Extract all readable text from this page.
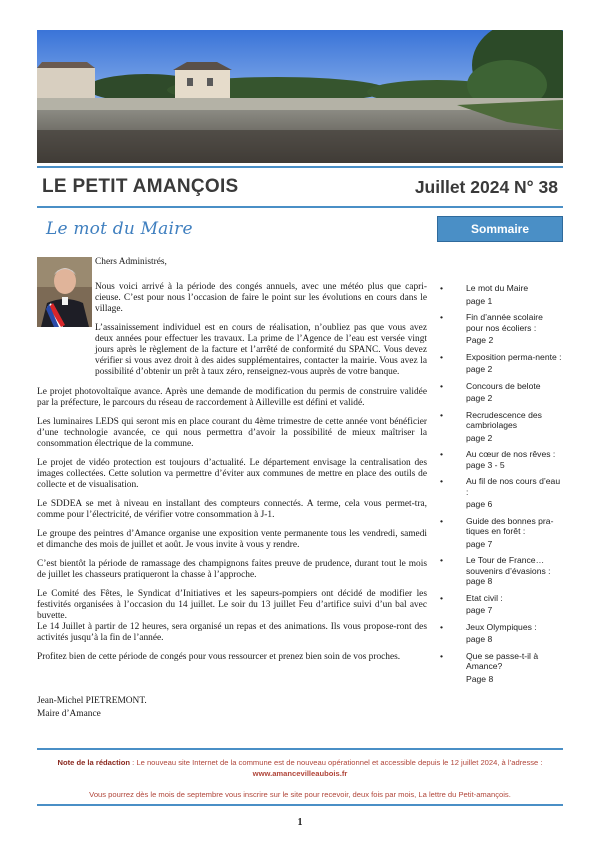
LE PETIT AMANÇOIS	Juillet 2024 N° 38
Le mot du Maire	Sommaire

Chers Administrés,

Nous voici arrivé à la période des congés annuels, avec une météo plus que capri-cieuse. C’est pour nous l’occasion de faire le point sur les évolutions en cours dans le village.

L’assainissement individuel est en cours de réalisation, n’oubliez pas que vous avez deux années pour effectuer les travaux. La prime de l’Agence de l’eau est versée vingt jours après le règlement de la facture et l’arrêté de conformité du SPANC. Vous devez vérifier si vous avez droit à des aides supplémentaires, contacter la mairie. Vous avez la possibilité d’obtenir un prêt à taux zéro, renseignez-vous auprès de votre banque.

Le projet photovoltaïque avance. Après une demande de modification du permis de construire validée par la préfecture, le parcours du réseau de raccordement à Ailleville est défini et validé.

Les luminaires LEDS qui seront mis en place courant du 4ème trimestre de cette année vont bénéficier d’une technologie avancée, ce qui nous permettra d’avoir la possibilité de mieux maîtriser la consommation électrique de la commune.

Le projet de vidéo protection est toujours d’actualité. Le département envisage la centralisation des images collectées. Cette solution va permettre d’éviter aux communes de mettre en place des outils de collecte et de visualisation.

Le SDDEA se met à niveau en installant des compteurs connectés. A terme, cela vous permet-tra, comme pour l’électricité, de vérifier votre consommation à J-1.

Le groupe des peintres d’Amance organise une exposition vente permanente tous les vendredi, samedi et dimanche des mois de juillet et août. Je vous invite à vous y rendre.

C’est bientôt la période de ramassage des champignons faites preuve de prudence, durant tout le mois de juillet les chasseurs pratiqueront la chasse à l’approche.

Le Comité des Fêtes, le Syndicat d’Initiatives et les sapeurs-pompiers ont décidé de modifier les festivités organisées à l’occasion du 14 juillet. Le soir du 13 juillet Feu d’artifice suivi d’un bal avec buvette.

Le 14 Juillet à partir de 12 heures, sera organisé un repas et des animations. Ils vous propose-ront des activités jusqu’à la fin de l’année.

Profitez bien de cette période de congés pour vous ressourcer et prenez bien soin de vos proches.

Jean-Michel PIETREMONT.
Maire d’Amance
•	Le mot du Maire
page 1
•	Fin d’année scolaire pour nos écoliers :
Page 2
•	Exposition perma-nente :
page 2
•	Concours de belote
page 2
•	Recrudescence des cambriolages
page 2
•	Au cœur de nos rêves : page 3 - 5
•	Au fil de nos cours d’eau :
page 6
•	Guide des bonnes pra-tiques en forêt :
page 7
•	Le Tour de France… souvenirs d’évasions : page 8
•	Etat civil :
page 7
•	Jeux Olympiques :
page 8
•	Que se passe-t-il à Amance?
Page 8
Note de la rédaction : Le nouveau site Internet de la commune est de nouveau opérationnel et accessible depuis le 12 juillet 2024, à l’adresse : www.amancevilleaubois.fr
Vous pourrez dès le mois de septembre vous inscrire sur le site pour recevoir, deux fois par mois, La lettre du Petit-amançois.
1
